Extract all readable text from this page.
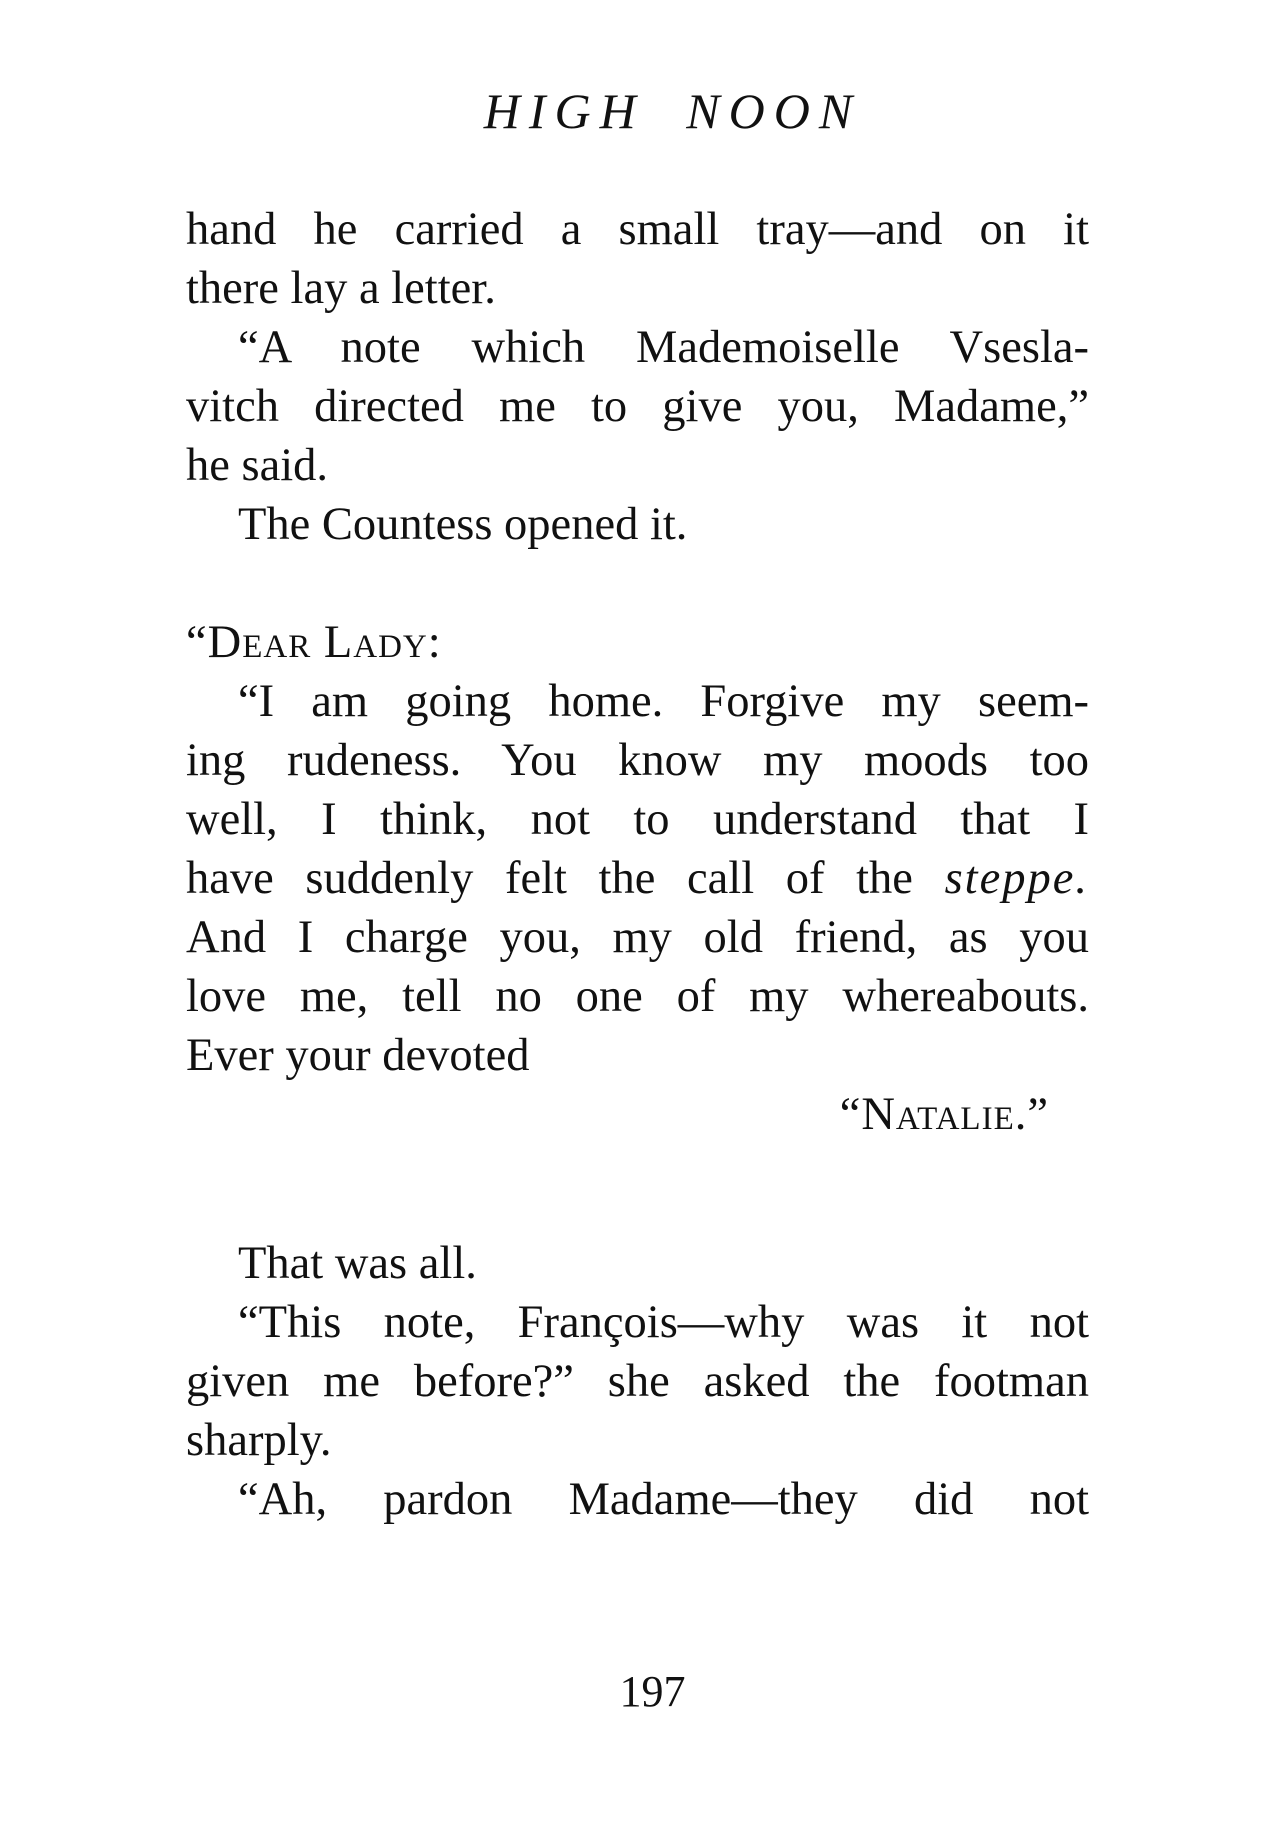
HIGH NOON
hand he carried a small tray—and on it
there lay a letter.
“A note which Mademoiselle Vsesla-
vitch directed me to give you, Madame,”
he said.
The Countess opened it.
“Dear Lady:
“I am going home. Forgive my seem-
ing rudeness. You know my moods too
well, I think, not to understand that I
have suddenly felt the call of the steppe.
And I charge you, my old friend, as you
love me, tell no one of my whereabouts.
Ever your devoted
“Natalie.”
That was all.
“This note, François—why was it not
given me before?” she asked the footman
sharply.
“Ah, pardon Madame—they did not
197
